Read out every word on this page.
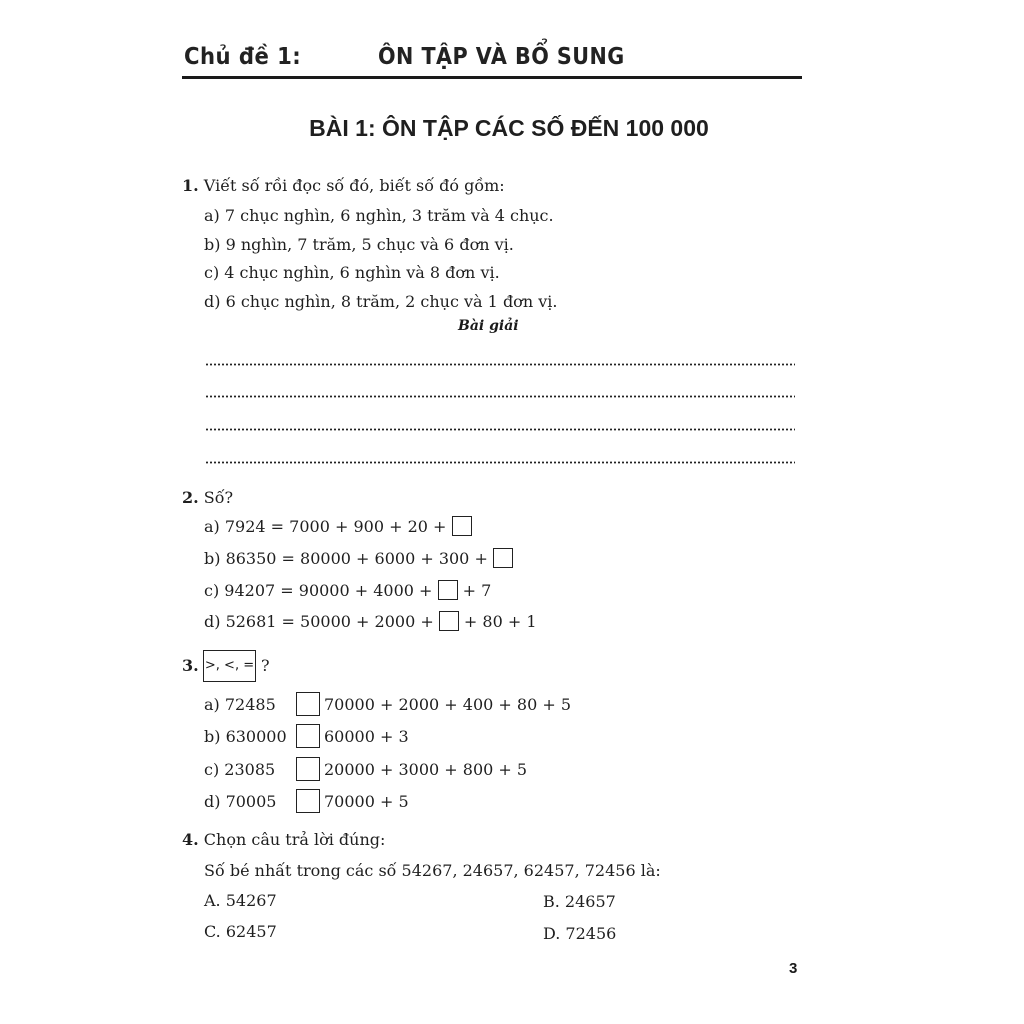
Chủ đề 1:	ÔN TẬP VÀ BỔ SUNG
BÀI 1: ÔN TẬP CÁC SỐ ĐẾN 100 000
1. Viết số rồi đọc số đó, biết số đó gồm:
a) 7 chục nghìn, 6 nghìn, 3 trăm và 4 chục.
b) 9 nghìn, 7 trăm, 5 chục và 6 đơn vị.
c) 4 chục nghìn, 6 nghìn và 8 đơn vị.
d) 6 chục nghìn, 8 trăm, 2 chục và 1 đơn vị.
Bài giải
2. Số?
a) 7924 = 7000 + 900 + 20 +
b) 86350 = 80000 + 6000 + 300 +
c) 94207 = 90000 + 4000 +  + 7
d) 52681 = 50000 + 2000 +  + 80 + 1
3. >, <, = ?
a) 72485	70000 + 2000 + 400 + 80 + 5
b) 630000 60000 + 3
c) 23085	20000 + 3000 + 800 + 5
d) 70005	70000 + 5
4. Chọn câu trả lời đúng:
Số bé nhất trong các số 54267, 24657, 62457, 72456 là:
A. 54267	B. 24657
C. 62457	D. 72456
3
